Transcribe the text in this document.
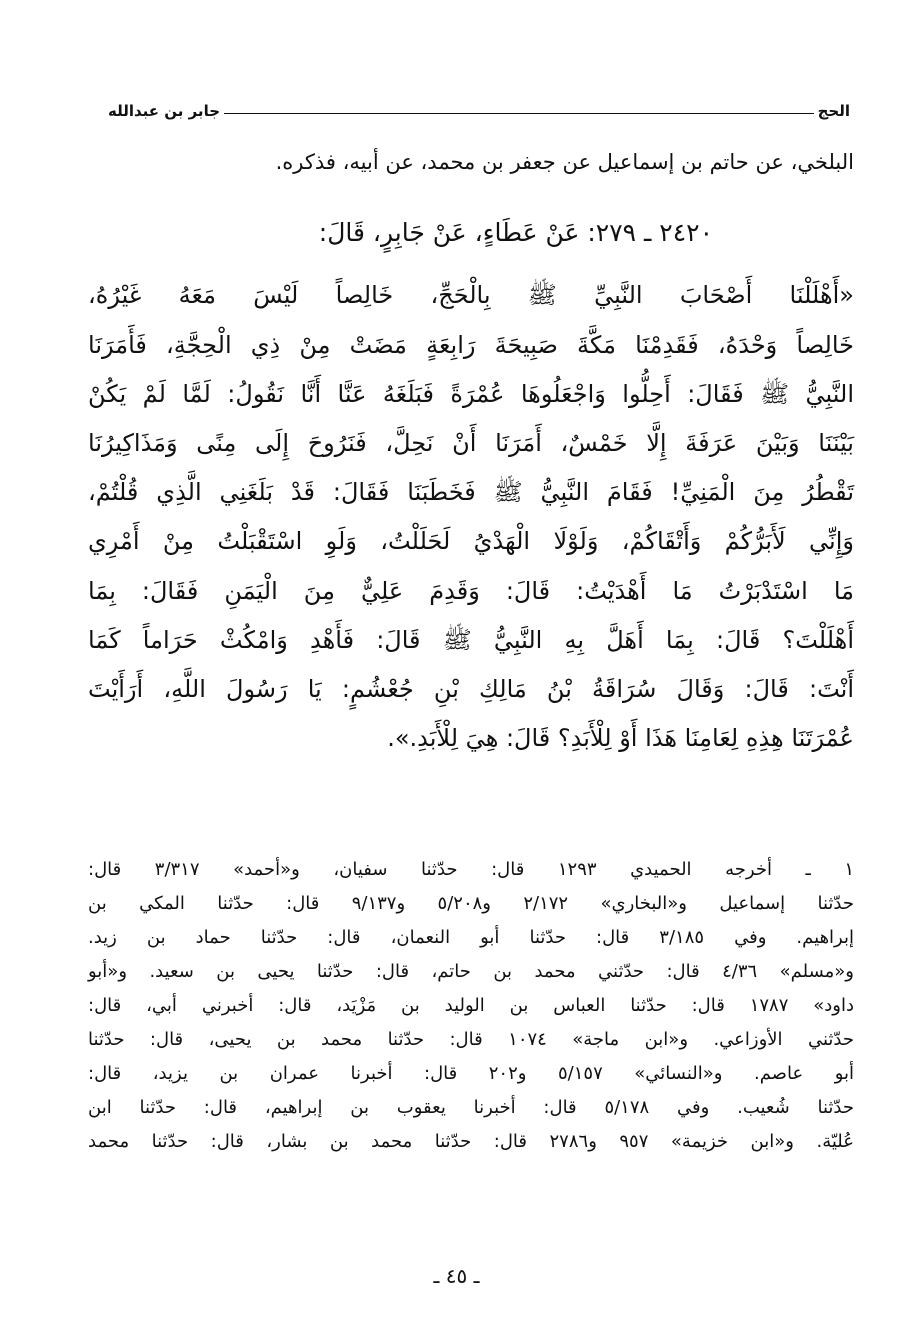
الحج
جابر بن عبدالله
البلخي، عن حاتم بن إسماعيل عن جعفر بن محمد، عن أبيه، فذكره.
٢٤٢٠ ـ ٢٧٩: عَنْ عَطَاءٍ، عَنْ جَابِرٍ، قَالَ:
«أَهْلَلْنَا أَصْحَابَ النَّبِيِّ ﷺ بِالْحَجِّ، خَالِصاً لَيْسَ مَعَهُ غَيْرُهُ،
خَالِصاً وَحْدَهُ، فَقَدِمْنَا مَكَّةَ صَبِيحَةَ رَابِعَةٍ مَضَتْ مِنْ ذِي الْحِجَّةِ، فَأَمَرَنَا
النَّبِيُّ ﷺ فَقَالَ: أَحِلُّوا وَاجْعَلُوهَا عُمْرَةً فَبَلَغَهُ عَنَّا أَنَّا نَقُولُ: لَمَّا لَمْ يَكُنْ
بَيْنَنَا وَبَيْنَ عَرَفَةَ إِلَّا خَمْسٌ، أَمَرَنَا أَنْ نَحِلَّ، فَنَرُوحَ إِلَى مِنًى وَمَذَاكِيرُنَا
تَقْطُرُ مِنَ الْمَنِيِّ! فَقَامَ النَّبِيُّ ﷺ فَخَطَبَنَا فَقَالَ: قَدْ بَلَغَنِي الَّذِي قُلْتُمْ،
وَإِنِّي لَأَبَرُّكُمْ وَأَتْقَاكُمْ، وَلَوْلَا الْهَدْيُ لَحَلَلْتُ، وَلَوِ اسْتَقْبَلْتُ مِنْ أَمْرِي
مَا اسْتَدْبَرْتُ مَا أَهْدَيْتُ: قَالَ: وَقَدِمَ عَلِيٌّ مِنَ الْيَمَنِ فَقَالَ: بِمَا
أَهْلَلْتَ؟ قَالَ: بِمَا أَهَلَّ بِهِ النَّبِيُّ ﷺ قَالَ: فَأَهْدِ وَامْكُثْ حَرَاماً كَمَا
أَنْتَ: قَالَ: وَقَالَ سُرَاقَةُ بْنُ مَالِكِ بْنِ جُعْشُمٍ: يَا رَسُولَ اللَّهِ، أَرَأَيْتَ
عُمْرَتَنَا هِذِهِ لِعَامِنَا هَذَا أَوْ لِلْأَبَدِ؟ قَالَ: هِيَ لِلْأَبَدِ.».
١ ـ أخرجه الحميدي ١٢٩٣ قال: حدّثنا سفيان، و«أحمد» ٣/٣١٧ قال:
حدّثنا إسماعيل و«البخاري» ٢/١٧٢ و٥/٢٠٨ و٩/١٣٧ قال: حدّثنا المكي بن
إبراهيم. وفي ٣/١٨٥ قال: حدّثنا أبو النعمان، قال: حدّثنا حماد بن زيد.
و«مسلم» ٤/٣٦ قال: حدّثني محمد بن حاتم، قال: حدّثنا يحيى بن سعيد. و«أبو
داود» ١٧٨٧ قال: حدّثنا العباس بن الوليد بن مَزْيَد، قال: أخبرني أبي، قال:
حدّثني الأوزاعي. و«ابن ماجة» ١٠٧٤ قال: حدّثنا محمد بن يحيى، قال: حدّثنا
أبو عاصم. و«النسائي» ٥/١٥٧ و٢٠٢ قال: أخبرنا عمران بن يزيد، قال:
حدّثنا شُعيب. وفي ٥/١٧٨ قال: أخبرنا يعقوب بن إبراهيم، قال: حدّثنا ابن
عُليّة. و«ابن خزيمة» ٩٥٧ و٢٧٨٦ قال: حدّثنا محمد بن بشار، قال: حدّثنا محمد
ـ ٤٥ ـ
